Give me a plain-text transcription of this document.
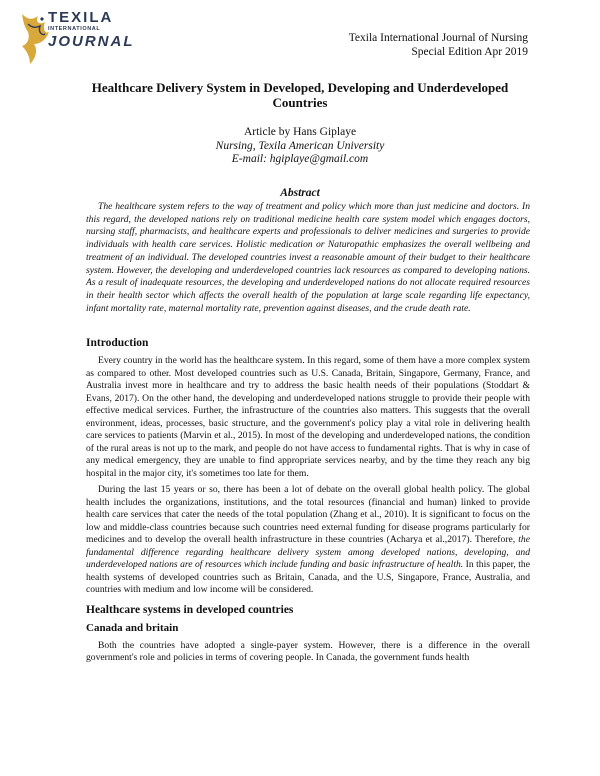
TEXILA
INTERNATIONAL
JOURNAL	Texila International Journal of Nursing
Special Edition Apr 2019
Healthcare Delivery System in Developed, Developing and Underdeveloped
Countries
Article by Hans Giplaye
Nursing, Texila American University
E-mail: hgiplaye@gmail.com
Abstract

The healthcare system refers to the way of treatment and policy which more than just medicine and doctors. In this regard, the developed nations rely on traditional medicine health care system model which engages doctors, nursing staff, pharmacists, and healthcare experts and professionals to deliver medicines and surgeries to provide individuals with health care services. Holistic medication or Naturopathic emphasizes the overall wellbeing and treatment of an individual. The developed countries invest a reasonable amount of their budget to their healthcare system. However, the developing and underdeveloped countries lack resources as compared to developing nations. As a result of inadequate resources, the developing and underdeveloped nations do not allocate required resources in their health sector which affects the overall health of the population at large scale regarding life expectancy, infant mortality rate, maternal mortality rate, prevention against diseases, and the crude death rate.

Introduction

Every country in the world has the healthcare system. In this regard, some of them have a more complex system as compared to other. Most developed countries such as U.S. Canada, Britain, Singapore, Germany, France, and Australia invest more in healthcare and try to address the basic health needs of their populations (Stoddart & Evans, 2017). On the other hand, the developing and underdeveloped nations struggle to provide their people with effective medical services. Further, the infrastructure of the countries also matters. This suggests that the overall environment, ideas, processes, basic structure, and the government's policy play a vital role in delivering health care services to patients (Marvin et al., 2015). In most of the developing and underdeveloped nations, the condition of the rural areas is not up to the mark, and people do not have access to fundamental rights. That is why in case of any medical emergency, they are unable to find appropriate services nearby, and by the time they reach any big hospital in the major city, it's sometimes too late for them.

During the last 15 years or so, there has been a lot of debate on the overall global health policy. The global health includes the organizations, institutions, and the total resources (financial and human) linked to provide health care services that cater the needs of the total population (Zhang et al., 2010). It is significant to focus on the low and middle-class countries because such countries need external funding for disease programs particularly for medicines and to develop the overall health infrastructure in these countries (Acharya et al.,2017). Therefore, the fundamental difference regarding healthcare delivery system among developed nations, developing, and underdeveloped nations are of resources which include funding and basic infrastructure of health. In this paper, the health systems of developed countries such as Britain, Canada, and the U.S, Singapore, France, Australia, and countries with medium and low income will be considered.

Healthcare systems in developed countries
Canada and britain

Both the countries have adopted a single-payer system. However, there is a difference in the overall government's role and policies in terms of covering people. In Canada, the government funds health
